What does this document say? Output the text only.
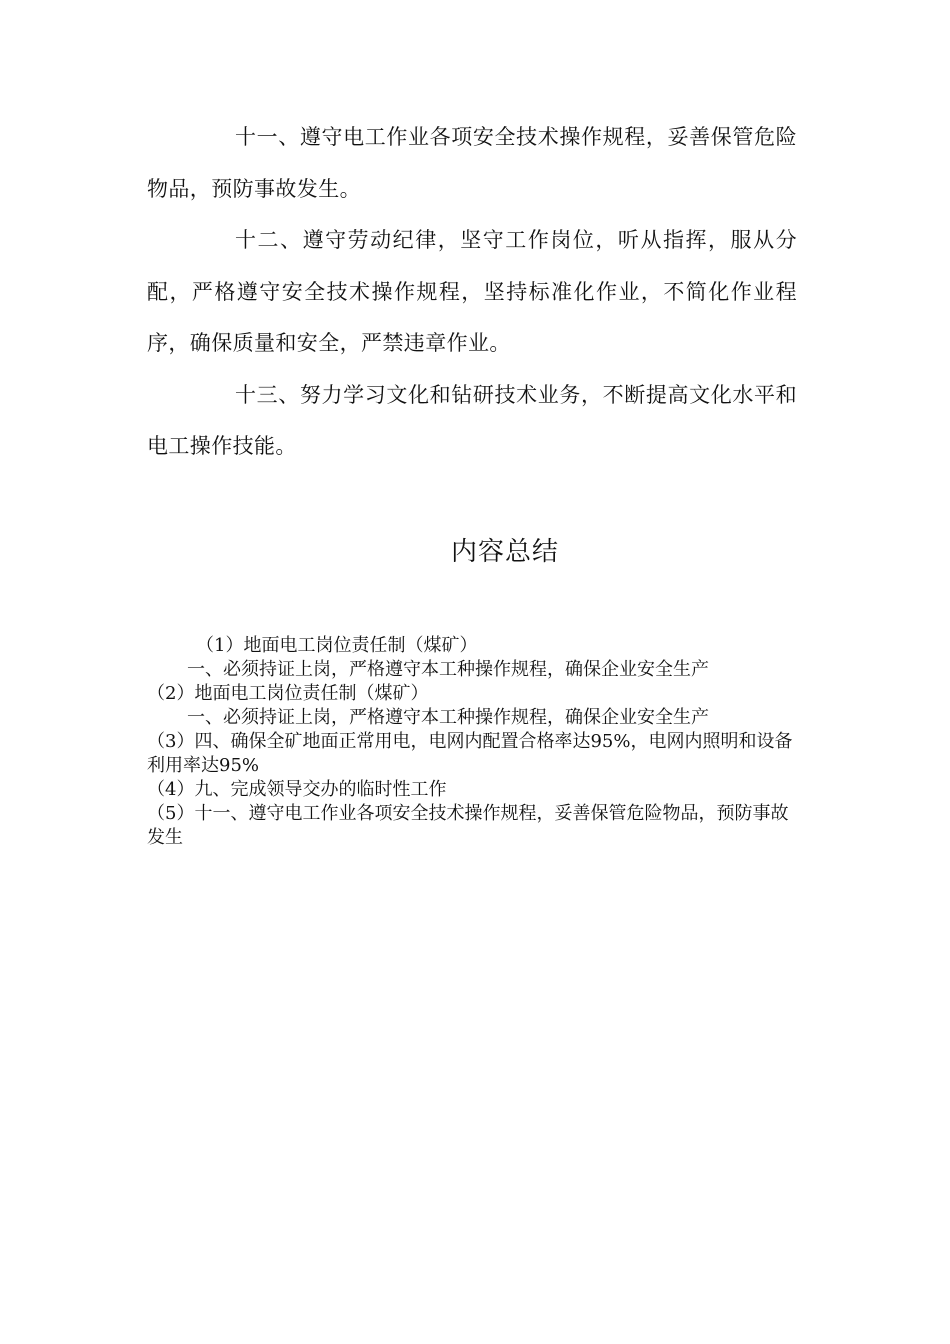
十一、遵守电工作业各项安全技术操作规程，妥善保管危险物品，预防事故发生。

十二、遵守劳动纪律，坚守工作岗位，听从指挥，服从分配，严格遵守安全技术操作规程，坚持标准化作业，不简化作业程序，确保质量和安全，严禁违章作业。

十三、努力学习文化和钻研技术业务，不断提高文化水平和电工操作技能。

内容总结
（1）地面电工岗位责任制（煤矿）
一、必须持证上岗，严格遵守本工种操作规程，确保企业安全生产
（2）地面电工岗位责任制（煤矿）
一、必须持证上岗，严格遵守本工种操作规程，确保企业安全生产
（3）四、确保全矿地面正常用电，电网内配置合格率达95%，电网内照明和设备利用率达95%
（4）九、完成领导交办的临时性工作
（5）十一、遵守电工作业各项安全技术操作规程，妥善保管危险物品，预防事故发生
